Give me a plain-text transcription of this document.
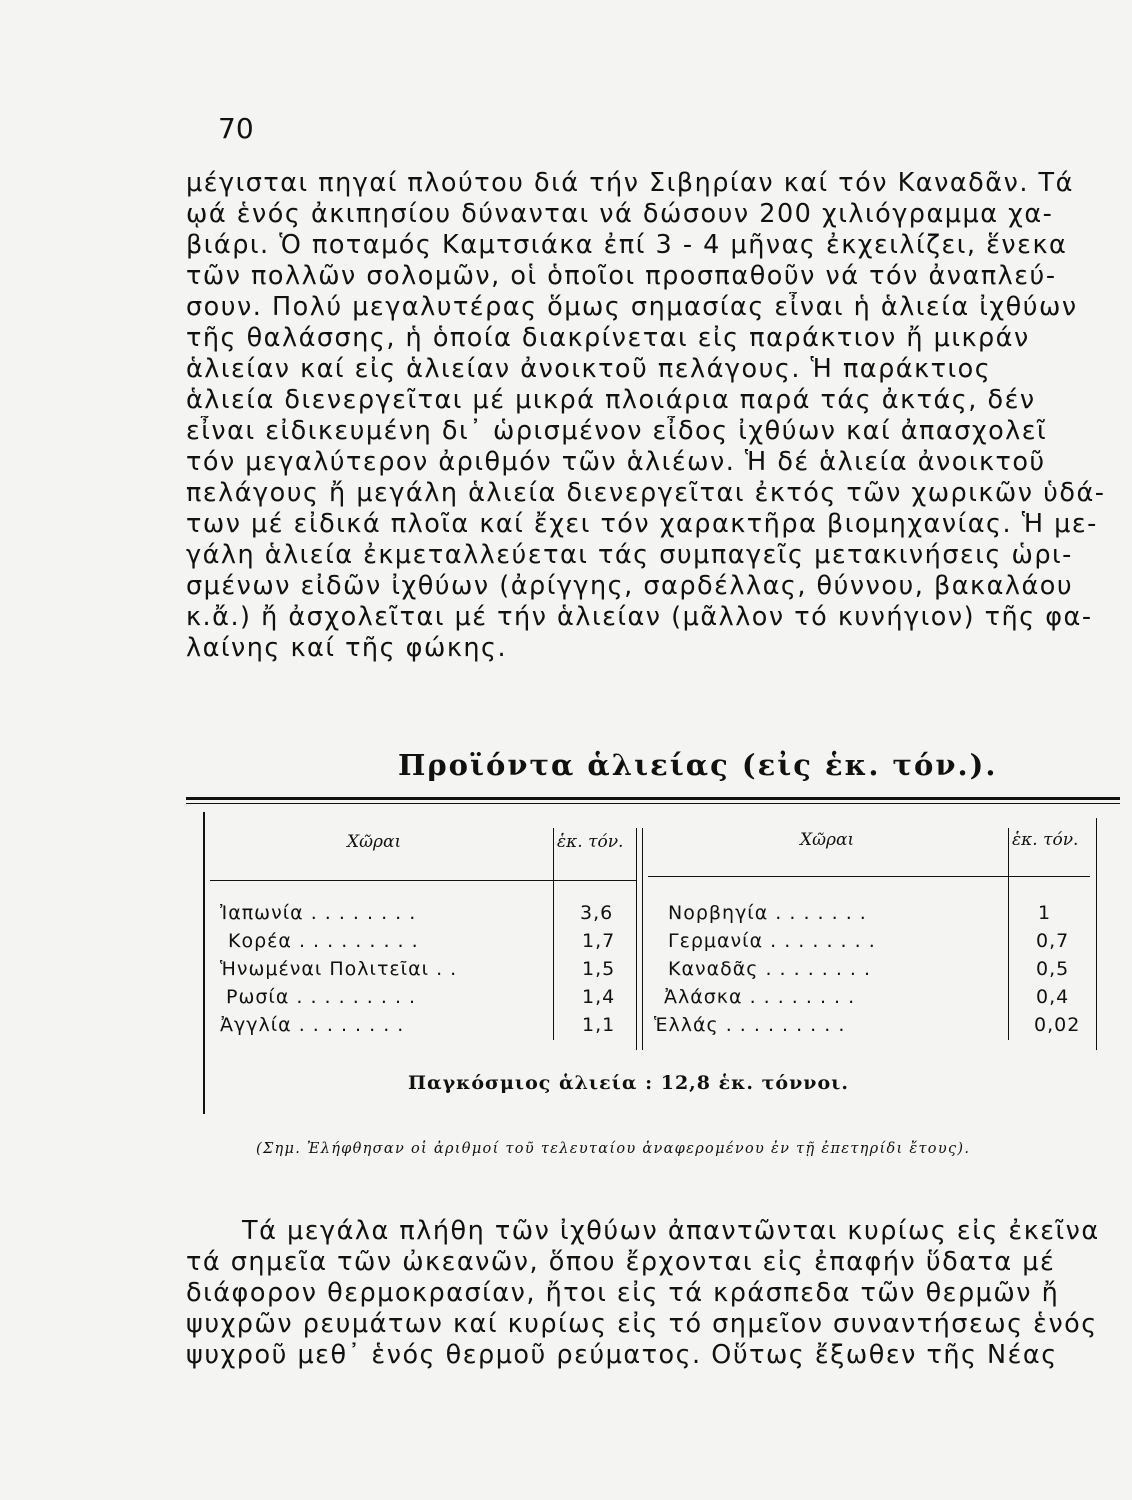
70
μέγισται πηγαί πλούτου διά τήν Σιβηρίαν καί τόν Καναδᾶν. Τά
ῳά ἑνός ἀκιπησίου δύνανται νά δώσουν 200 χιλιόγραμμα χα-
βιάρι. Ὁ ποταμός Καμτσιάκα ἐπί 3 - 4 μῆνας ἐκχειλίζει, ἕνεκα
τῶν πολλῶν σολομῶν, οἱ ὁποῖοι προσπαθοῦν νά τόν ἀναπλεύ-
σουν. Πολύ μεγαλυτέρας ὅμως σημασίας εἶναι ἡ ἁλιεία ἰχθύων
τῆς θαλάσσης, ἡ ὁποία διακρίνεται εἰς παράκτιον ἤ μικράν
ἁλιείαν καί εἰς ἁλιείαν ἀνοικτοῦ πελάγους. Ἡ παράκτιος
ἁλιεία διενεργεῖται μέ μικρά πλοιάρια παρά τάς ἀκτάς, δέν
εἶναι εἰδικευμένη δι᾽ ὡρισμένον εἶδος ἰχθύων καί ἀπασχολεῖ
τόν μεγαλύτερον ἀριθμόν τῶν ἁλιέων. Ἡ δέ ἁλιεία ἀνοικτοῦ
πελάγους ἤ μεγάλη ἁλιεία διενεργεῖται ἐκτός τῶν χωρικῶν ὑδά-
των μέ εἰδικά πλοῖα καί ἔχει τόν χαρακτῆρα βιομηχανίας. Ἡ με-
γάλη ἁλιεία ἐκμεταλλεύεται τάς συμπαγεῖς μετακινήσεις ὡρι-
σμένων εἰδῶν ἰχθύων (ἀρίγγης, σαρδέλλας, θύννου, βακαλάου
κ.ἄ.) ἤ ἀσχολεῖται μέ τήν ἁλιείαν (μᾶλλον τό κυνήγιον) τῆς φα-
λαίνης καί τῆς φώκης.
Προϊόντα ἁλιείας (εἰς ἑκ. τόν.).
Χῶραι	ἑκ. τόν.	Χῶραι	ἑκ. τόν.
Ἰαπωνία . . . . . . . .	3,6
Κορέα . . . . . . . . .	1,7
Ἡνωμέναι Πολιτεῖαι . .	1,5
Ρωσία . . . . . . . . .	1,4
Ἀγγλία . . . . . . . .	1,1
Νορβηγία . . . . . . .	1
Γερμανία . . . . . . . .	0,7
Καναδᾶς . . . . . . . .	0,5
Ἀλάσκα . . . . . . . .	0,4
Ἑλλάς . . . . . . . . .	0,02
Παγκόσμιος ἁλιεία : 12,8 ἑκ. τόννοι.
(Σημ. Ἐλήφθησαν οἱ ἀριθμοί τοῦ τελευταίου ἀναφερομένου ἐν τῇ ἐπετηρίδι ἔτους).
Τά μεγάλα πλήθη τῶν ἰχθύων ἀπαντῶνται κυρίως εἰς ἐκεῖνα
τά σημεῖα τῶν ὠκεανῶν, ὅπου ἔρχονται εἰς ἐπαφήν ὕδατα μέ
διάφορον θερμοκρασίαν, ἤτοι εἰς τά κράσπεδα τῶν θερμῶν ἤ
ψυχρῶν ρευμάτων καί κυρίως εἰς τό σημεῖον συναντήσεως ἑνός
ψυχροῦ μεθ᾽ ἑνός θερμοῦ ρεύματος. Οὕτως ἔξωθεν τῆς Νέας
